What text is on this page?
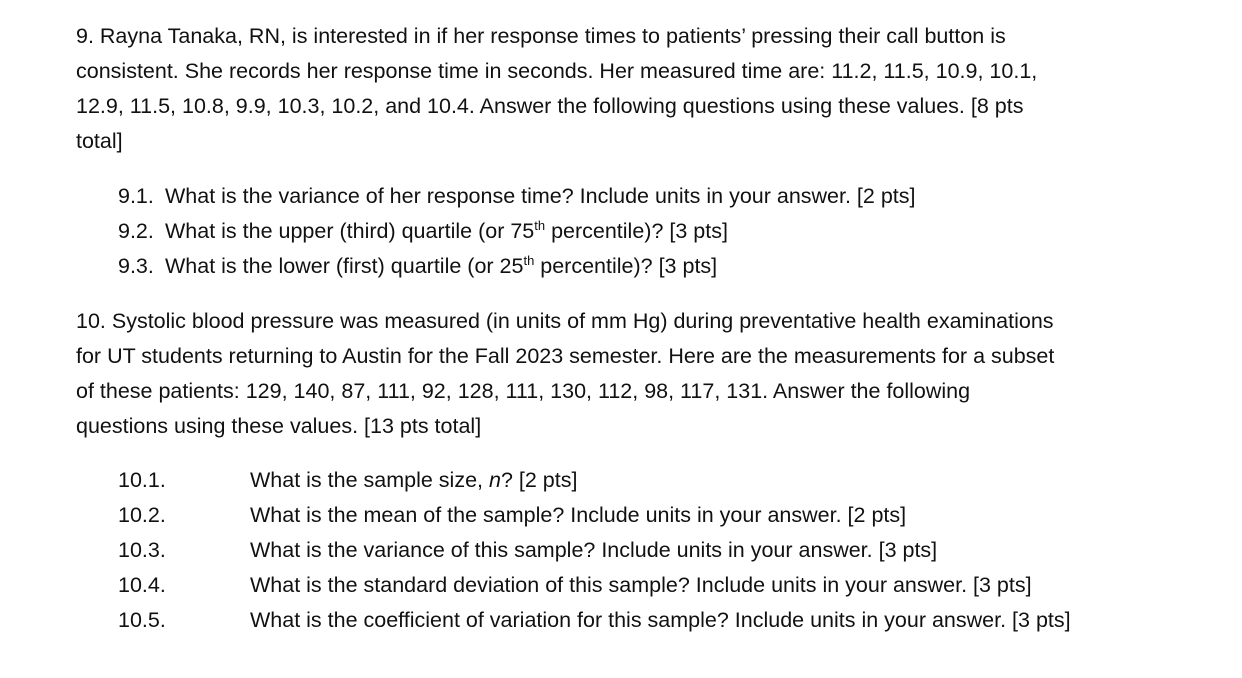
9. Rayna Tanaka, RN, is interested in if her response times to patients’ pressing their call button is

consistent. She records her response time in seconds. Her measured time are: 11.2, 11.5, 10.9, 10.1,

12.9, 11.5, 10.8, 9.9, 10.3, 10.2, and 10.4. Answer the following questions using these values. [8 pts

total]

9.1. What is the variance of her response time? Include units in your answer. [2 pts]
9.2. What is the upper (third) quartile (or 75th percentile)? [3 pts]
9.3. What is the lower (first) quartile (or 25th percentile)? [3 pts]

10. Systolic blood pressure was measured (in units of mm Hg) during preventative health examinations

for UT students returning to Austin for the Fall 2023 semester. Here are the measurements for a subset

of these patients: 129, 140, 87, 111, 92, 128, 111, 130, 112, 98, 117, 131. Answer the following

questions using these values. [13 pts total]

10.1.	What is the sample size, n? [2 pts]
10.2.	What is the mean of the sample? Include units in your answer. [2 pts]
10.3.	What is the variance of this sample? Include units in your answer. [3 pts]
10.4.	What is the standard deviation of this sample? Include units in your answer. [3 pts]
10.5.	What is the coefficient of variation for this sample? Include units in your answer. [3 pts]
